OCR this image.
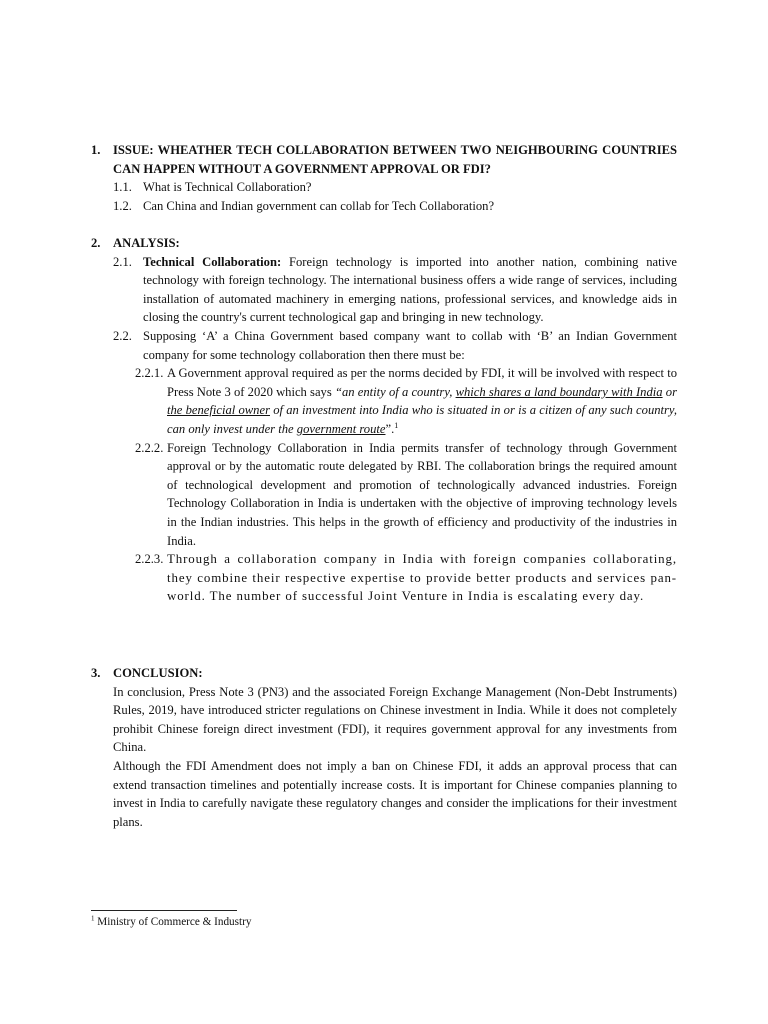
1. ISSUE: WHEATHER TECH COLLABORATION BETWEEN TWO NEIGHBOURING COUNTRIES CAN HAPPEN WITHOUT A GOVERNMENT APPROVAL OR FDI?
1.1. What is Technical Collaboration?
1.2. Can China and Indian government can collab for Tech Collaboration?
2. ANALYSIS:
2.1. Technical Collaboration: Foreign technology is imported into another nation, combining native technology with foreign technology. The international business offers a wide range of services, including installation of automated machinery in emerging nations, professional services, and knowledge aids in closing the country's current technological gap and bringing in new technology.
2.2. Supposing ‘A’ a China Government based company want to collab with ‘B’ an Indian Government company for some technology collaboration then there must be:
2.2.1. A Government approval required as per the norms decided by FDI, it will be involved with respect to Press Note 3 of 2020 which says “an entity of a country, which shares a land boundary with India or the beneficial owner of an investment into India who is situated in or is a citizen of any such country, can only invest under the government route”.$^1$
2.2.2. Foreign Technology Collaboration in India permits transfer of technology through Government approval or by the automatic route delegated by RBI. The collaboration brings the required amount of technological development and promotion of technologically advanced industries. Foreign Technology Collaboration in India is undertaken with the objective of improving technology levels in the Indian industries. This helps in the growth of efficiency and productivity of the industries in India.
2.2.3. Through a collaboration company in India with foreign companies collaborating, they combine their respective expertise to provide better products and services pan-world. The number of successful Joint Venture in India is escalating every day.
3. CONCLUSION:
In conclusion, Press Note 3 (PN3) and the associated Foreign Exchange Management (Non-Debt Instruments) Rules, 2019, have introduced stricter regulations on Chinese investment in India. While it does not completely prohibit Chinese foreign direct investment (FDI), it requires government approval for any investments from China.
Although the FDI Amendment does not imply a ban on Chinese FDI, it adds an approval process that can extend transaction timelines and potentially increase costs. It is important for Chinese companies planning to invest in India to carefully navigate these regulatory changes and consider the implications for their investment plans.
$^1$ Ministry of Commerce & Industry
